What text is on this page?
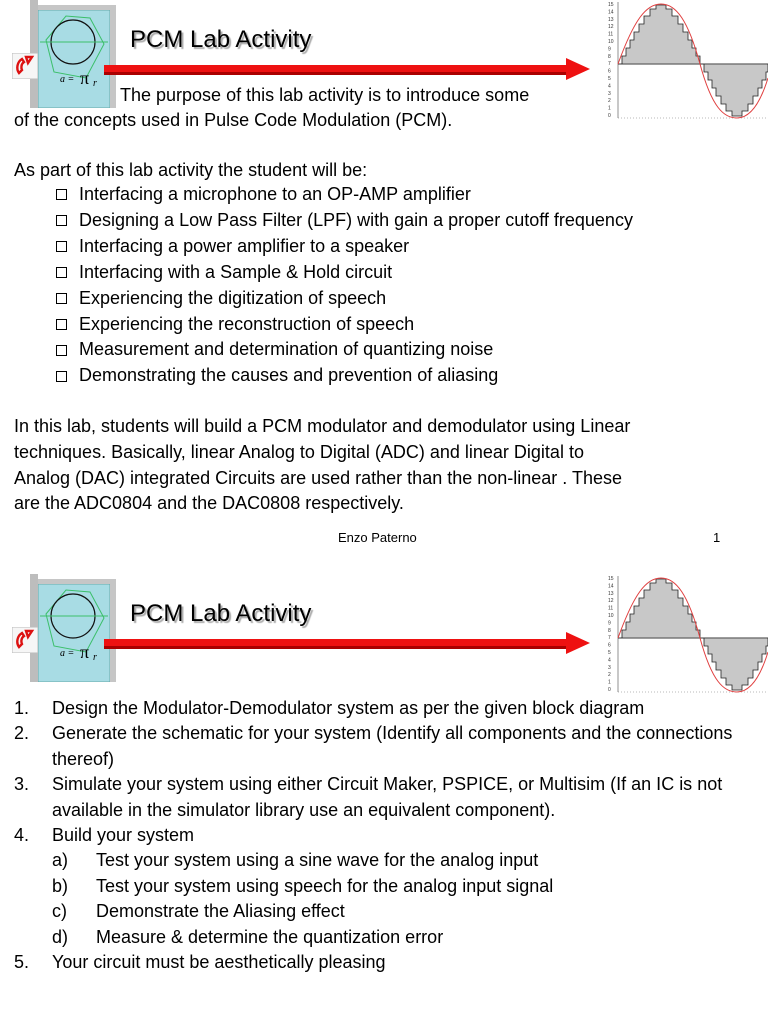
a = π r
PCM Lab Activity
15
14
13
12
11
10
9
8
7
6
5
4
3
2
1
0
The purpose of this lab activity is to introduce some
of the concepts used in Pulse Code Modulation (PCM).
As part of this lab activity the student will be:
Interfacing a microphone to an OP-AMP amplifier
Designing a Low Pass Filter (LPF) with gain a proper cutoff frequency
Interfacing a power amplifier to a speaker
Interfacing with a Sample & Hold circuit
Experiencing the digitization of speech
Experiencing the reconstruction of speech
Measurement and determination of quantizing noise
Demonstrating the causes and prevention of aliasing
In this lab, students will build a PCM modulator and demodulator using Linear
techniques. Basically, linear Analog to Digital (ADC) and linear Digital to
Analog (DAC) integrated Circuits are used rather than the non-linear . These
are the ADC0804 and the DAC0808 respectively.
Enzo Paterno	1
a = π r
PCM Lab Activity
15
14
13
12
11
10
9
8
7
6
5
4
3
2
1
0
1. Design the Modulator-Demodulator system as per the given block diagram
2. Generate the schematic for your system (Identify all components and the connections thereof)
3. Simulate your system using either Circuit Maker, PSPICE, or Multisim (If an IC is not available in the simulator library use an equivalent component).
4. Build your system
a) Test your system using a sine wave for the analog input
b) Test your system using speech for the analog input signal
c) Demonstrate the Aliasing effect
d) Measure & determine the quantization error
5. Your circuit must be aesthetically pleasing
